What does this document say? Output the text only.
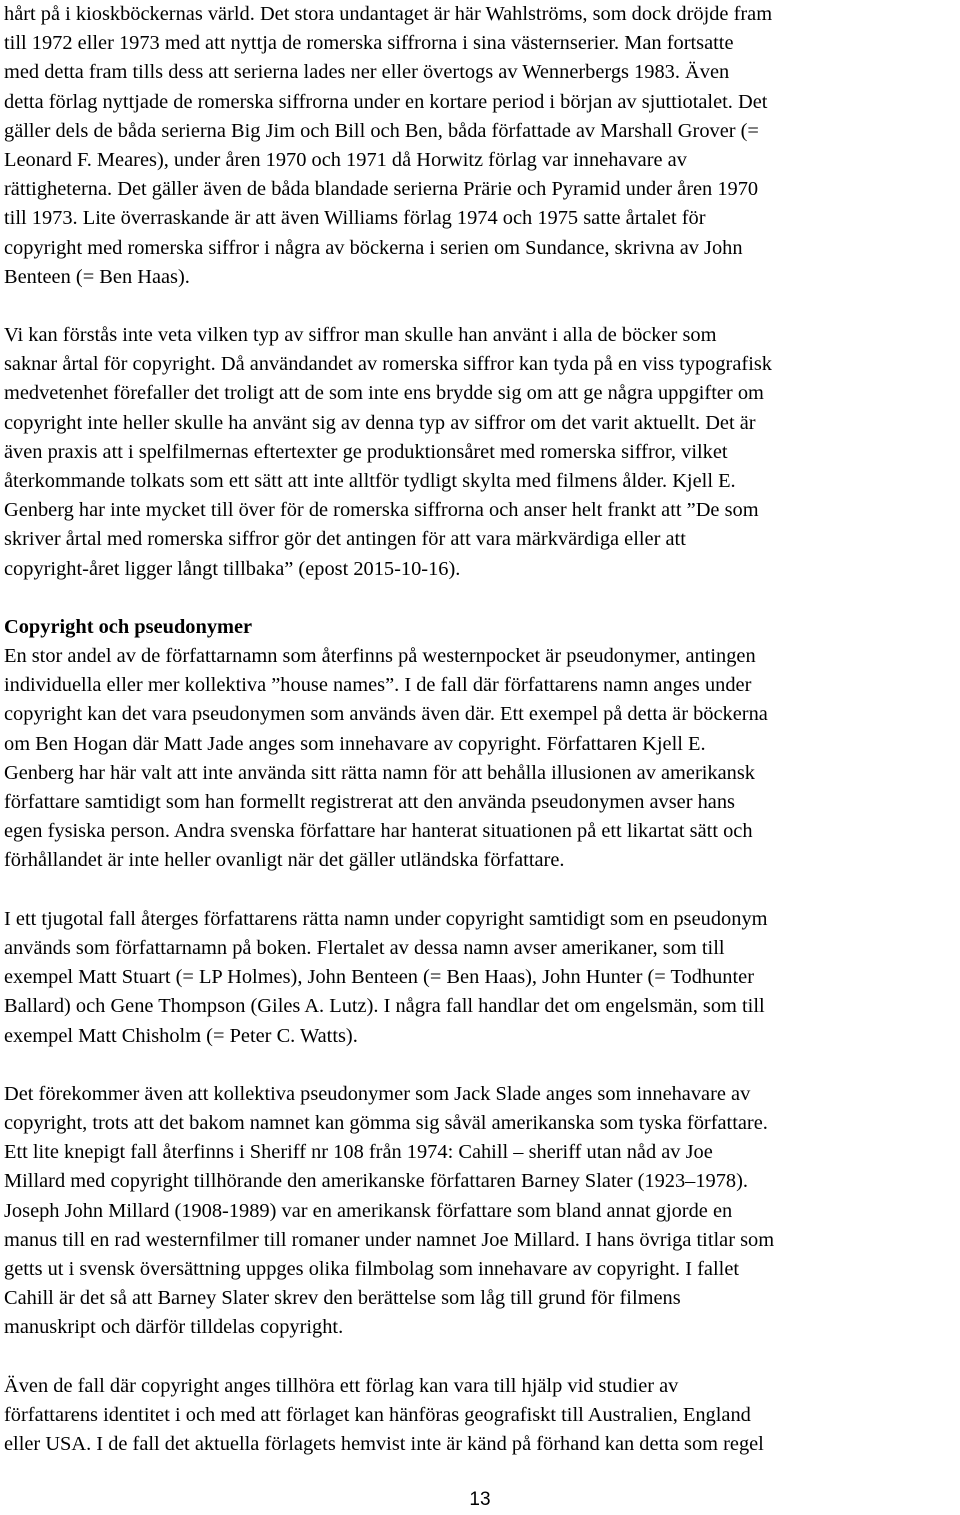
hårt på i kioskböckernas värld. Det stora undantaget är här Wahlströms, som dock dröjde fram
till 1972 eller 1973 med att nyttja de romerska siffrorna i sina västernserier. Man fortsatte
med detta fram tills dess att serierna lades ner eller övertogs av Wennerbergs 1983. Även
detta förlag nyttjade de romerska siffrorna under en kortare period i början av sjuttiotalet. Det
gäller dels de båda serierna Big Jim och Bill och Ben, båda författade av Marshall Grover (=
Leonard F. Meares), under åren 1970 och 1971 då Horwitz förlag var innehavare av
rättigheterna. Det gäller även de båda blandade serierna Prärie och Pyramid under åren 1970
till 1973. Lite överraskande är att även Williams förlag 1974 och 1975 satte årtalet för
copyright med romerska siffror i några av böckerna i serien om Sundance, skrivna av John
Benteen (= Ben Haas).

Vi kan förstås inte veta vilken typ av siffror man skulle han använt i alla de böcker som
saknar årtal för copyright. Då användandet av romerska siffror kan tyda på en viss typografisk
medvetenhet förefaller det troligt att de som inte ens brydde sig om att ge några uppgifter om
copyright inte heller skulle ha använt sig av denna typ av siffror om det varit aktuellt. Det är
även praxis att i spelfilmernas eftertexter ge produktionsåret med romerska siffror, vilket
återkommande tolkats som ett sätt att inte alltför tydligt skylta med filmens ålder. Kjell E.
Genberg har inte mycket till över för de romerska siffrorna och anser helt frankt att ”De som
skriver årtal med romerska siffror gör det antingen för att vara märkvärdiga eller att
copyright-året ligger långt tillbaka” (epost 2015-10-16).

Copyright och pseudonymer
En stor andel av de författarnamn som återfinns på westernpocket är pseudonymer, antingen
individuella eller mer kollektiva ”house names”. I de fall där författarens namn anges under
copyright kan det vara pseudonymen som används även där. Ett exempel på detta är böckerna
om Ben Hogan där Matt Jade anges som innehavare av copyright. Författaren Kjell E.
Genberg har här valt att inte använda sitt rätta namn för att behålla illusionen av amerikansk
författare samtidigt som han formellt registrerat att den använda pseudonymen avser hans
egen fysiska person. Andra svenska författare har hanterat situationen på ett likartat sätt och
förhållandet är inte heller ovanligt när det gäller utländska författare.

I ett tjugotal fall återges författarens rätta namn under copyright samtidigt som en pseudonym
används som författarnamn på boken. Flertalet av dessa namn avser amerikaner, som till
exempel Matt Stuart (= LP Holmes), John Benteen (= Ben Haas), John Hunter (= Todhunter
Ballard) och Gene Thompson (Giles A. Lutz). I några fall handlar det om engelsmän, som till
exempel Matt Chisholm (= Peter C. Watts).

Det förekommer även att kollektiva pseudonymer som Jack Slade anges som innehavare av
copyright, trots att det bakom namnet kan gömma sig såväl amerikanska som tyska författare.
Ett lite knepigt fall återfinns i Sheriff nr 108 från 1974: Cahill – sheriff utan nåd av Joe
Millard med copyright tillhörande den amerikanske författaren Barney Slater (1923–1978).
Joseph John Millard (1908-1989) var en amerikansk författare som bland annat gjorde en
manus till en rad westernfilmer till romaner under namnet Joe Millard. I hans övriga titlar som
getts ut i svensk översättning uppges olika filmbolag som innehavare av copyright. I fallet
Cahill är det så att Barney Slater skrev den berättelse som låg till grund för filmens
manuskript och därför tilldelas copyright.

Även de fall där copyright anges tillhöra ett förlag kan vara till hjälp vid studier av
författarens identitet i och med att förlaget kan hänföras geografiskt till Australien, England
eller USA. I de fall det aktuella förlagets hemvist inte är känd på förhand kan detta som regel

13
